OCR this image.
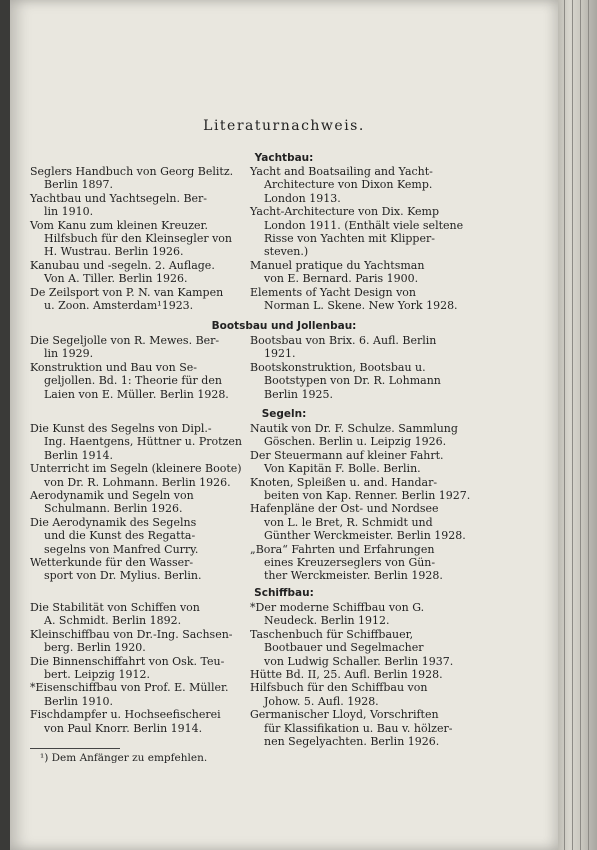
Literaturnachweis.
Yachtbau:
Seglers Handbuch von Georg Belitz.
Berlin 1897.
Yachtbau und Yachtsegeln. Ber-
lin 1910.
Vom Kanu zum kleinen Kreuzer.
Hilfsbuch für den Kleinsegler von
H. Wustrau. Berlin 1926.
Kanubau und -segeln. 2. Auflage.
Von A. Tiller. Berlin 1926.
De Zeilsport von P. N. van Kampen
u. Zoon. Amsterdam¹1923.
Yacht and Boatsailing and Yacht-
Architecture von Dixon Kemp.
London 1913.
Yacht-Architecture von Dix. Kemp
London 1911. (Enthält viele seltene
Risse von Yachten mit Klipper-
steven.)
Manuel pratique du Yachtsman
von E. Bernard. Paris 1900.
Elements of Yacht Design von
Norman L. Skene. New York 1928.
Bootsbau und Jollenbau:
Die Segeljolle von R. Mewes. Ber-
lin 1929.
Konstruktion und Bau von Se-
geljollen. Bd. 1: Theorie für den
Laien von E. Müller. Berlin 1928.
Bootsbau von Brix. 6. Aufl. Berlin
1921.
Bootskonstruktion, Bootsbau u.
Bootstypen von Dr. R. Lohmann
Berlin 1925.
Segeln:
Die Kunst des Segelns von Dipl.-
Ing. Haentgens, Hüttner u. Protzen
Berlin 1914.
Unterricht im Segeln (kleinere Boote)
von Dr. R. Lohmann. Berlin 1926.
Aerodynamik und Segeln von
Schulmann. Berlin 1926.
Die Aerodynamik des Segelns
und die Kunst des Regatta-
segelns von Manfred Curry.
Wetterkunde für den Wasser-
sport von Dr. Mylius. Berlin.
Nautik von Dr. F. Schulze. Sammlung
Göschen. Berlin u. Leipzig 1926.
Der Steuermann auf kleiner Fahrt.
Von Kapitän F. Bolle. Berlin.
Knoten, Spleißen u. and. Handar-
beiten von Kap. Renner. Berlin 1927.
Hafenpläne der Ost- und Nordsee
von L. le Bret, R. Schmidt und
Günther Werckmeister. Berlin 1928.
„Bora“ Fahrten und Erfahrungen
eines Kreuzerseglers von Gün-
ther Werckmeister. Berlin 1928.
Schiffbau:
Die Stabilität von Schiffen von
A. Schmidt. Berlin 1892.
Kleinschiffbau von Dr.-Ing. Sachsen-
berg. Berlin 1920.
Die Binnenschiffahrt von Osk. Teu-
bert. Leipzig 1912.
*Eisenschiffbau von Prof. E. Müller.
Berlin 1910.
Fischdampfer u. Hochseefischerei
von Paul Knorr. Berlin 1914.
*Der moderne Schiffbau von G.
Neudeck. Berlin 1912.
Taschenbuch für Schiffbauer,
Bootbauer und Segelmacher
von Ludwig Schaller. Berlin 1937.
Hütte Bd. II, 25. Aufl. Berlin 1928.
Hilfsbuch für den Schiffbau von
Johow. 5. Aufl. 1928.
Germanischer Lloyd, Vorschriften
für Klassifikation u. Bau v. hölzer-
nen Segelyachten. Berlin 1926.
¹) Dem Anfänger zu empfehlen.
